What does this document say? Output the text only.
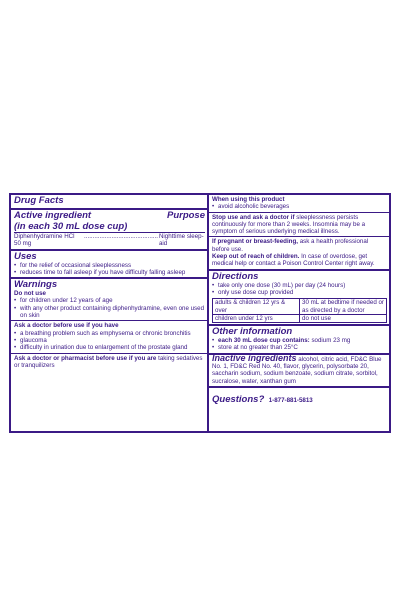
Drug Facts
Active ingredient	Purpose
(in each 30 mL dose cup)
Diphenhydramine HCl 50 mg
........................................... Nighttime sleep-aid
Uses
• for the relief of occasional sleeplessness
• reduces time to fall asleep if you have difficulty falling asleep
Warnings
Do not use
• for children under 12 years of age
• with any other product containing diphenhydramine, even one used on skin
Ask a doctor before use if you have
• a breathing problem such as emphysema or chronic bronchitis
• glaucoma
• difficulty in urination due to enlargement of the prostate gland
Ask a doctor or pharmacist before use if you are taking sedatives or tranquilizers
When using this product
• avoid alcoholic beverages
Stop use and ask a doctor if sleeplessness persists continuously for more than 2 weeks. Insomnia may be a symptom of serious underlying medical illness.
If pregnant or breast-feeding, ask a health professional before use.
Keep out of reach of children. In case of overdose, get medical help or contact a Poison Control Center right away.
Directions
• take only one dose (30 mL) per day (24 hours)
• only use dose cup provided
adults & children 12 yrs & over	30 mL at bedtime if needed or as directed by a doctor
children under 12 yrs	do not use
Other information
• each 30 mL dose cup contains: sodium 23 mg
• store at no greater than 25°C
Inactive ingredients alcohol, citric acid, FD&C Blue No. 1, FD&C Red No. 40, flavor, glycerin, polysorbate 20, saccharin sodium, sodium benzoate, sodium citrate, sorbitol, sucralose, water, xanthan gum
Questions? 1-877-881-5813
